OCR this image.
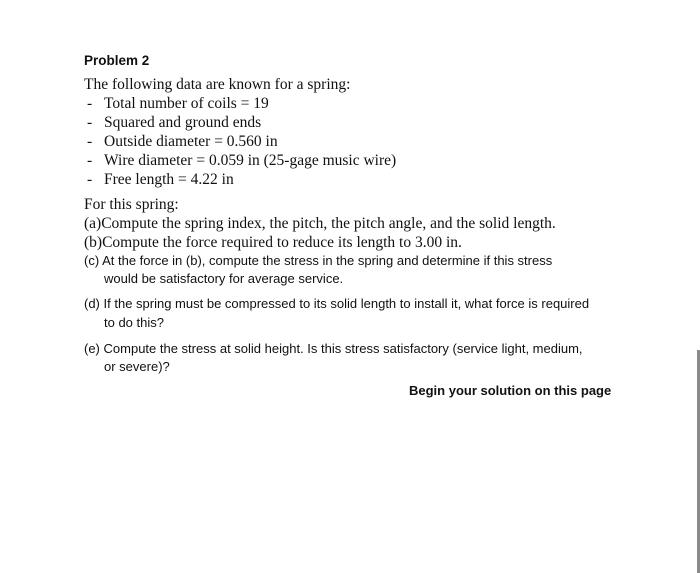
Problem 2
The following data are known for a spring:
- Total number of coils = 19
- Squared and ground ends
- Outside diameter = 0.560 in
- Wire diameter = 0.059 in (25-gage music wire)
- Free length = 4.22 in
For this spring:
(a)Compute the spring index, the pitch, the pitch angle, and the solid length.
(b)Compute the force required to reduce its length to 3.00 in.
(c) At the force in (b), compute the stress in the spring and determine if this stress
would be satisfactory for average service.
(d) If the spring must be compressed to its solid length to install it, what force is required
to do this?
(e) Compute the stress at solid height. Is this stress satisfactory (service light, medium,
or severe)?
Begin your solution on this page
